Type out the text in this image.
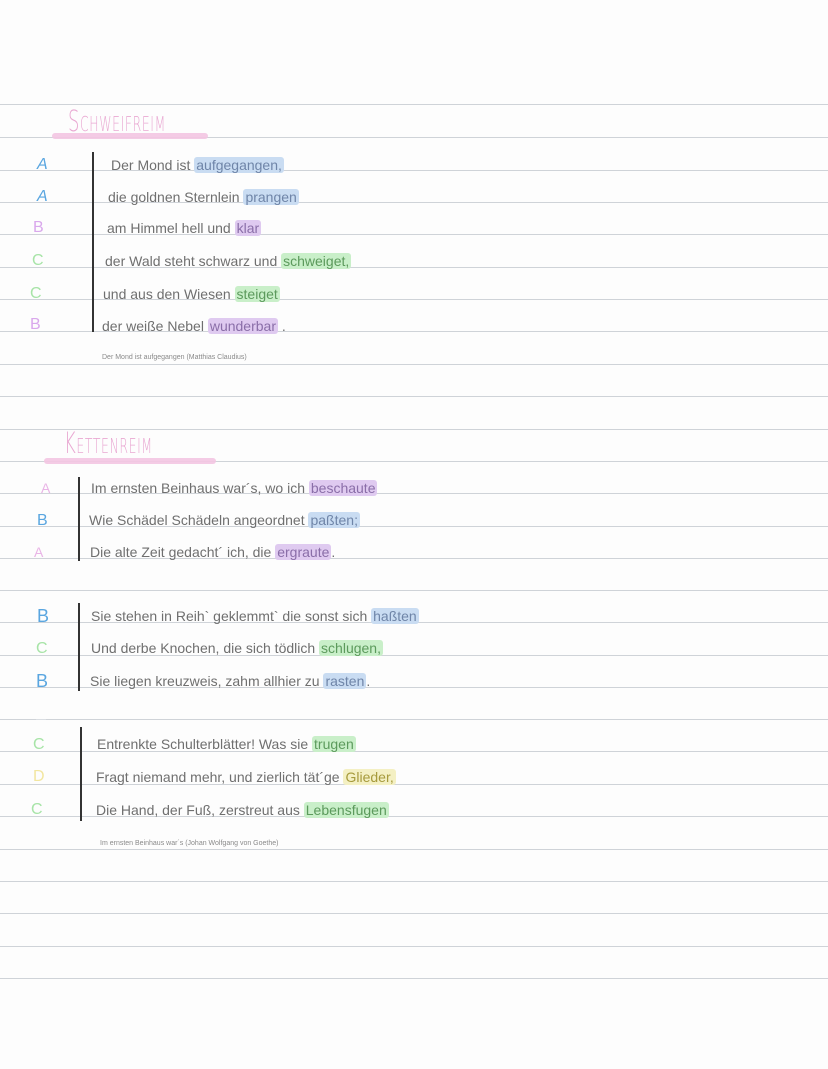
Schweifreim
A
A
B
C
C
B
Der Mond ist aufgegangen,
die goldnen Sternlein prangen
am Himmel hell und klar
der Wald steht schwarz und schweiget,
und aus den Wiesen steiget
der weiße Nebel wunderbar .
Der Mond ist aufgegangen (Matthias Claudius)
Kettenreim
A
B
A
Im ernsten Beinhaus war´s, wo ich beschaute
Wie Schädel Schädeln angeordnet paßten;
Die alte Zeit gedacht´ ich, die ergraute .
B
C
B
Sie stehen in Reih` geklemmt` die sonst sich haßten
Und derbe Knochen, die sich tödlich schlugen,
Sie liegen kreuzweis, zahm allhier zu rasten .
C
D
C
Entrenkte Schulterblätter! Was sie trugen
Fragt niemand mehr, und zierlich tät´ge Glieder,
Die Hand, der Fuß, zerstreut aus Lebensfugen
Im ernsten Beinhaus war´s (Johan Wolfgang von Goethe)
